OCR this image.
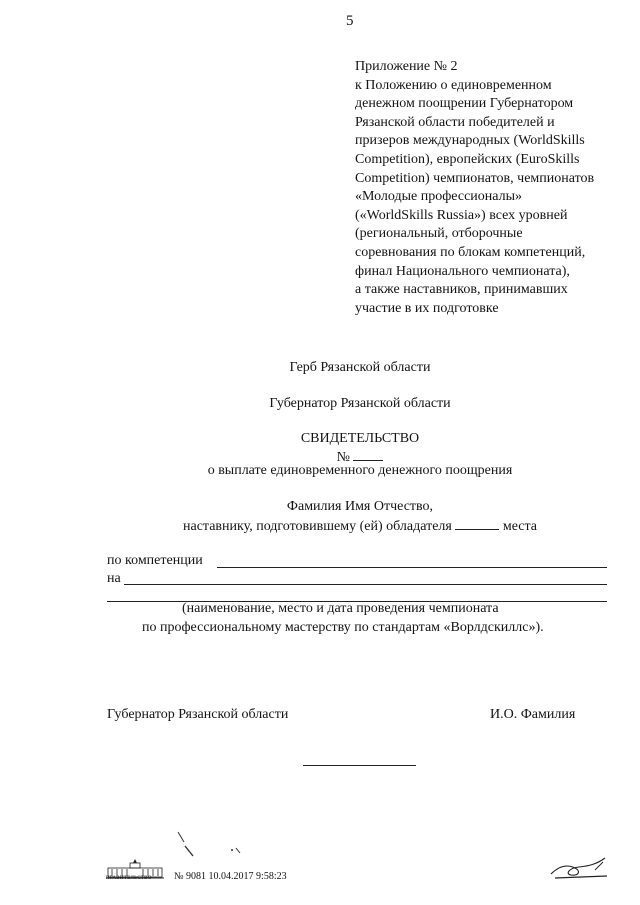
5
Приложение № 2
к Положению о единовременном
денежном поощрении Губернатором
Рязанской области победителей и
призеров международных (WorldSkills
Competition), европейских (EuroSkills
Competition) чемпионатов, чемпионатов
«Молодые профессионалы»
(«WorldSkills Russia») всех уровней
(региональный, отборочные
соревнования по блокам компетенций,
финал Национального чемпионата),
а также наставников, принимавших
участие в их подготовке
Герб Рязанской области
Губернатор Рязанской области
СВИДЕТЕЛЬСТВО
№
о выплате единовременного денежного поощрения
Фамилия Имя Отчество,
наставнику, подготовившему (ей) обладателя	места
по компетенции
на
(наименование, место и дата проведения чемпионата
по профессиональному мастерству по стандартам «Ворлдскиллс»).
Губернатор Рязанской области	И.О. Фамилия
ПРАВИТЕЛЬСТВО № 9081 10.04.2017 9:58:23
